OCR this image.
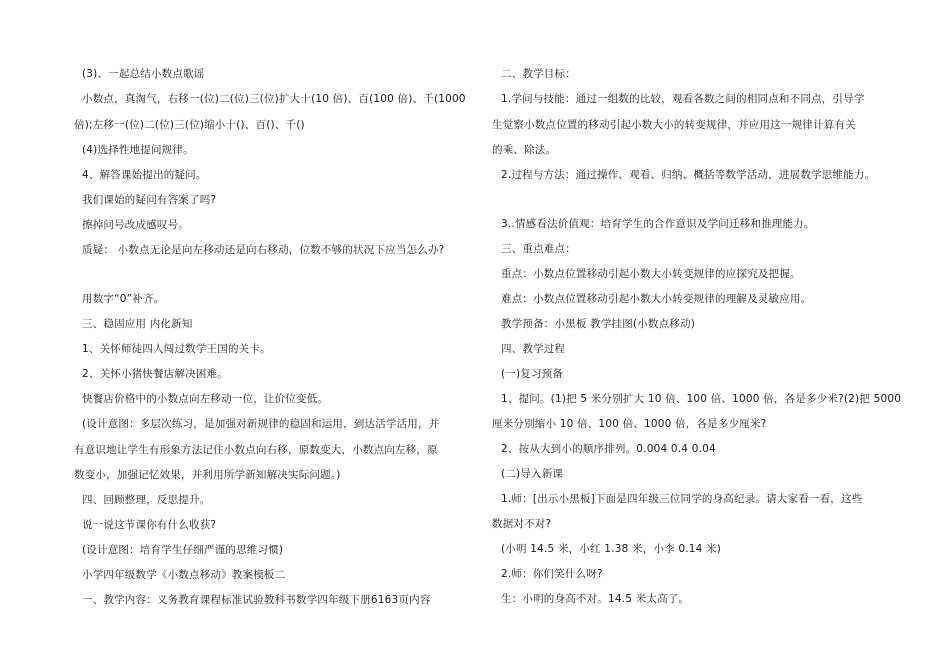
(3)、一起总结小数点歌谣
小数点，真淘气，右移一(位)二(位)三(位)扩大十(10 倍)、百(100 倍)、千(1000
倍);左移一(位)二(位)三(位)缩小十()、百()、千()
(4)选择性地提问规律。
4、解答课始提出的疑问。
我们课始的疑问有答案了吗?
擦掉问号改成感叹号。
质疑： 小数点无论是向左移动还是向右移动，位数不够的状况下应当怎么办?
用数字“0”补齐。
三、稳固应用 内化新知
1、关怀师徒四人闯过数学王国的关卡。
2、关怀小猪快餐店解决困难。
快餐店价格中的小数点向左移动一位，让价位变低。
(设计意图：多层次练习，是加强对新规律的稳固和运用，到达活学活用，并
有意识地让学生有形象方法记住小数点向右移，原数变大，小数点向左移，原
数变小，加强记忆效果，并利用所学新知解决实际问题。)
四、回顾整理，反思提升。
说一说这节课你有什么收获?
(设计意图：培育学生仔细严谨的思维习惯)
小学四年级数学《小数点移动》教案模板二
一、教学内容：义务教育课程标准试验教科书数学四年级下册6163页内容
二、教学目标：
1.学问与技能：通过一组数的比较，观看各数之间的相同点和不同点，引导学
生觉察小数点位置的移动引起小数大小的转变规律，并应用这一规律计算有关
的乘、除法。
2.过程与方法：通过操作、观看、归纳、概括等数学活动，进展数学思维能力。
3..情感看法价值观：培育学生的合作意识及学问迁移和推理能力。
三、重点难点：
重点：小数点位置移动引起小数大小转变规律的应探究及把握。
难点：小数点位置移动引起小数大小转变规律的理解及灵敏应用。
教学预备：小黑板 教学挂图(小数点移动)
四、教学过程
(一)复习预备
1、提问。(1)把 5 米分别扩大 10 倍、100 倍、1000 倍，各是多少米?(2)把 5000
厘米分别缩小 10 倍、100 倍、1000 倍，各是多少厘米?
2、按从大到小的顺序排列。0.004 0.4 0.04
(二)导入新课
1.师：[出示小黑板]下面是四年级三位同学的身高纪录。请大家看一看，这些
数据对不对?
(小明 14.5 米，小红 1.38 米，小李 0.14 米)
2.师：你们笑什么呀?
生：小明的身高不对。14.5 米太高了。
